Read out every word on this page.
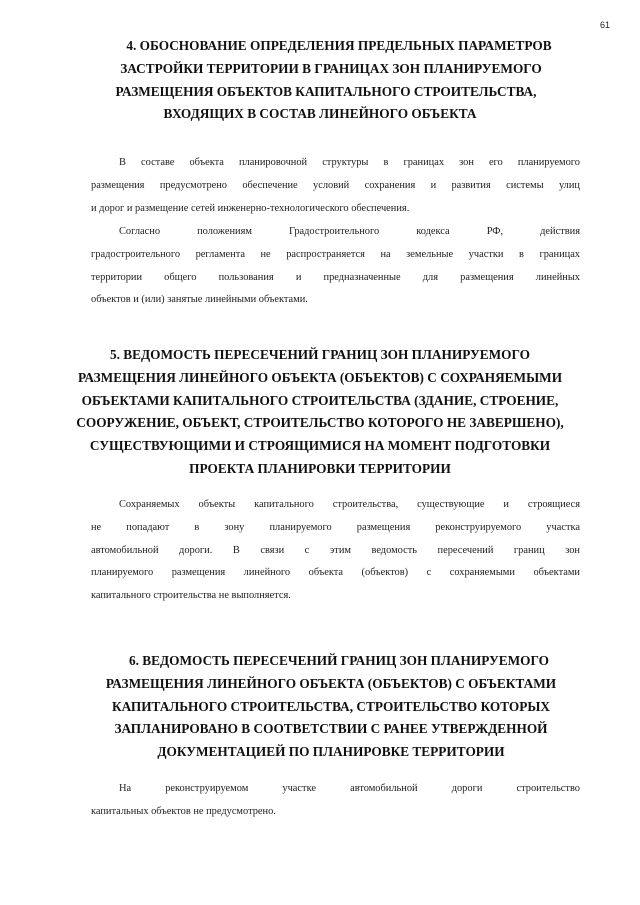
61
4. ОБОСНОВАНИЕ ОПРЕДЕЛЕНИЯ ПРЕДЕЛЬНЫХ ПАРАМЕТРОВ
ЗАСТРОЙКИ ТЕРРИТОРИИ В ГРАНИЦАХ ЗОН ПЛАНИРУЕМОГО
РАЗМЕЩЕНИЯ ОБЪЕКТОВ КАПИТАЛЬНОГО СТРОИТЕЛЬСТВА,
ВХОДЯЩИХ В СОСТАВ ЛИНЕЙНОГО ОБЪЕКТА
В составе объекта планировочной структуры в границах зон его планируемого
размещения предусмотрено обеспечение условий сохранения и развития системы улиц
и дорог и размещение сетей инженерно-технологического обеспечения.
Согласно положениям Градостроительного кодекса РФ, действия
градостроительного регламента не распространяется на земельные участки в границах
территории общего пользования и предназначенные для размещения линейных
объектов и (или) занятые линейными объектами.
5. ВЕДОМОСТЬ ПЕРЕСЕЧЕНИЙ ГРАНИЦ ЗОН ПЛАНИРУЕМОГО
РАЗМЕЩЕНИЯ ЛИНЕЙНОГО ОБЪЕКТА (ОБЪЕКТОВ) С СОХРАНЯЕМЫМИ
ОБЪЕКТАМИ КАПИТАЛЬНОГО СТРОИТЕЛЬСТВА (ЗДАНИЕ, СТРОЕНИЕ,
СООРУЖЕНИЕ, ОБЪЕКТ, СТРОИТЕЛЬСТВО КОТОРОГО НЕ ЗАВЕРШЕНО),
СУЩЕСТВУЮЩИМИ И СТРОЯЩИМИСЯ НА МОМЕНТ ПОДГОТОВКИ
ПРОЕКТА ПЛАНИРОВКИ ТЕРРИТОРИИ
Сохраняемых объекты капитального строительства, существующие и строящиеся
не попадают в зону планируемого размещения реконструируемого участка
автомобильной дороги. В связи с этим ведомость пересечений границ зон
планируемого размещения линейного объекта (объектов) с сохраняемыми объектами
капитального строительства не выполняется.
6. ВЕДОМОСТЬ ПЕРЕСЕЧЕНИЙ ГРАНИЦ ЗОН ПЛАНИРУЕМОГО
РАЗМЕЩЕНИЯ ЛИНЕЙНОГО ОБЪЕКТА (ОБЪЕКТОВ) С ОБЪЕКТАМИ
КАПИТАЛЬНОГО СТРОИТЕЛЬСТВА, СТРОИТЕЛЬСТВО КОТОРЫХ
ЗАПЛАНИРОВАНО В СООТВЕТСТВИИ С РАНЕЕ УТВЕРЖДЕННОЙ
ДОКУМЕНТАЦИЕЙ ПО ПЛАНИРОВКЕ ТЕРРИТОРИИ
На реконструируемом участке автомобильной дороги строительство
капитальных объектов не предусмотрено.
